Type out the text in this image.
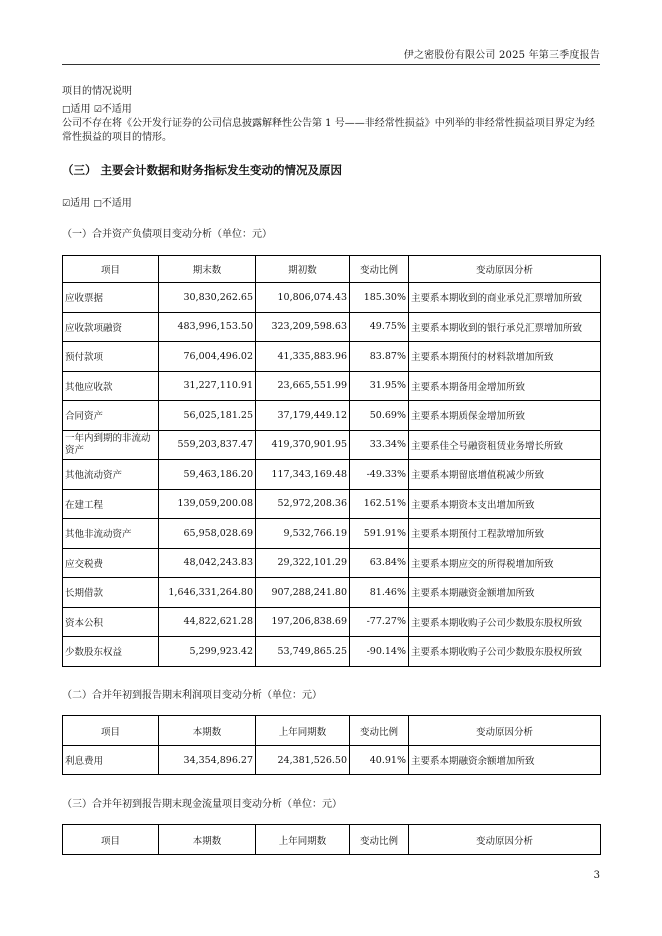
伊之密股份有限公司 2025 年第三季度报告
项目的情况说明
□适用 ☑不适用
公司不存在将《公开发行证券的公司信息披露解释性公告第 1 号——非经常性损益》中列举的非经常性损益项目界定为经常性损益的项目的情形。
（三） 主要会计数据和财务指标发生变动的情况及原因
☑适用 □不适用
（一）合并资产负债项目变动分析（单位：元）
项目	期末数	期初数	变动比例	变动原因分析
应收票据	30,830,262.65	10,806,074.43	185.30%	主要系本期收到的商业承兑汇票增加所致
应收款项融资	483,996,153.50	323,209,598.63	49.75%	主要系本期收到的银行承兑汇票增加所致
预付款项	76,004,496.02	41,335,883.96	83.87%	主要系本期预付的材料款增加所致
其他应收款	31,227,110.91	23,665,551.99	31.95%	主要系本期备用金增加所致
合同资产	56,025,181.25	37,179,449.12	50.69%	主要系本期质保金增加所致
一年内到期的非流动资产	559,203,837.47	419,370,901.95	33.34%	主要系佳仝号融资租赁业务增长所致
其他流动资产	59,463,186.20	117,343,169.48	-49.33%	主要系本期留底增值税减少所致
在建工程	139,059,200.08	52,972,208.36	162.51%	主要系本期资本支出增加所致
其他非流动资产	65,958,028.69	9,532,766.19	591.91%	主要系本期预付工程款增加所致
应交税费	48,042,243.83	29,322,101.29	63.84%	主要系本期应交的所得税增加所致
长期借款	1,646,331,264.80	907,288,241.80	81.46%	主要系本期融资金额增加所致
资本公积	44,822,621.28	197,206,838.69	-77.27%	主要系本期收购子公司少数股东股权所致
少数股东权益	5,299,923.42	53,749,865.25	-90.14%	主要系本期收购子公司少数股东股权所致
（二）合并年初到报告期末利润项目变动分析（单位：元）
项目	本期数	上年同期数	变动比例	变动原因分析
利息费用	34,354,896.27	24,381,526.50	40.91%	主要系本期融资余额增加所致
（三）合并年初到报告期末现金流量项目变动分析（单位：元）
项目	本期数	上年同期数	变动比例	变动原因分析
3
